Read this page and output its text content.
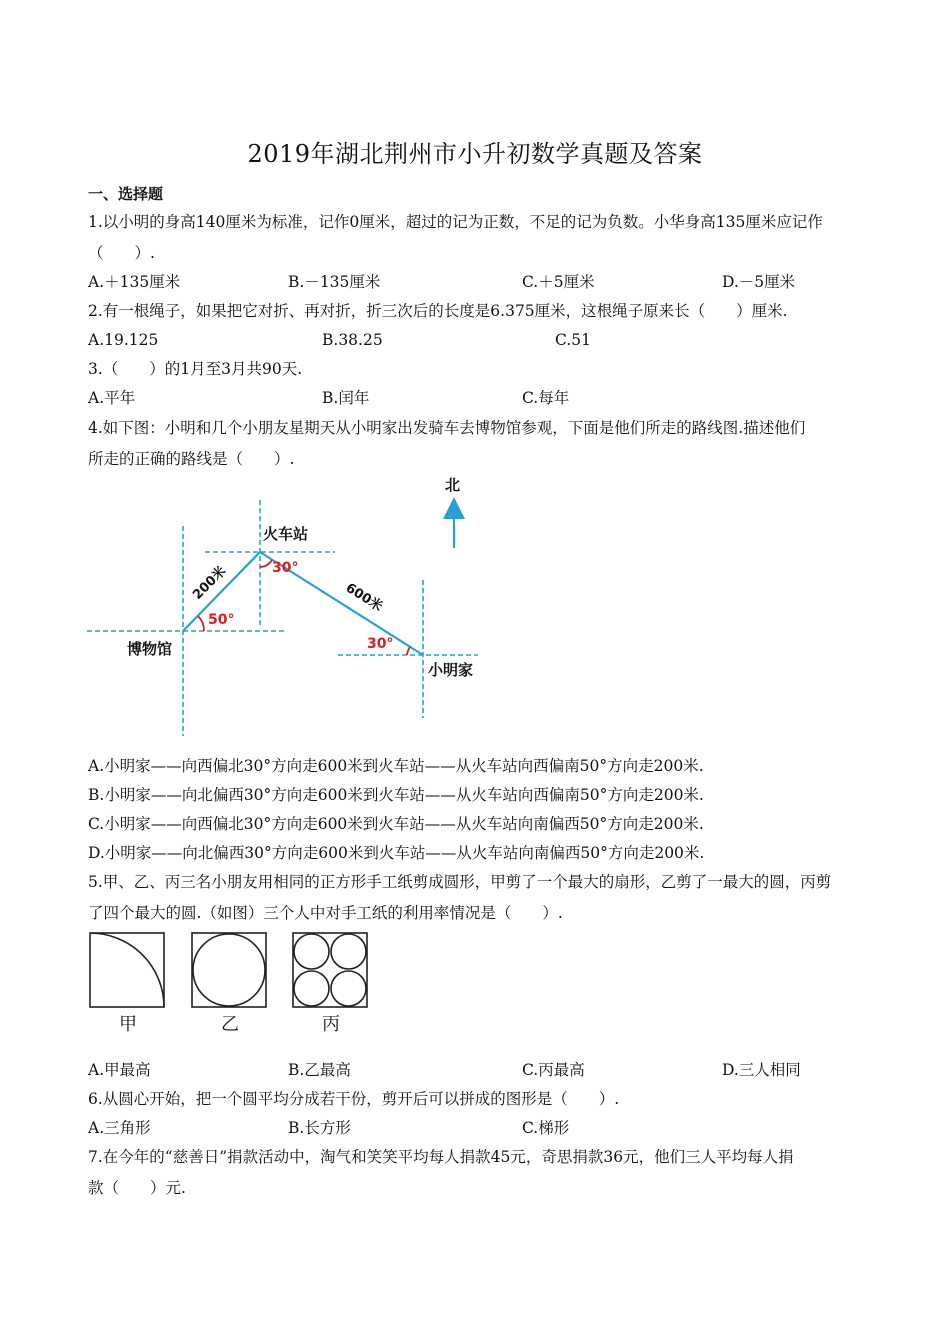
2019年湖北荆州市小升初数学真题及答案
一、选择题
1.以小明的身高140厘米为标准，记作0厘米，超过的记为正数，不足的记为负数。小华身高135厘米应记作
（　　）.
A.＋135厘米	B.－135厘米	C.＋5厘米	D.－5厘米
2.有一根绳子，如果把它对折、再对折，折三次后的长度是6.375厘米，这根绳子原来长（　　）厘米.
A.19.125	B.38.25	C.51
3.（　　）的1月至3月共90天.
A.平年	B.闰年	C.每年
4.如下图：小明和几个小朋友星期天从小明家出发骑车去博物馆参观，下面是他们所走的路线图.描述他们
所走的正确的路线是（　　）.
北
火车站
博物馆
小明家
200米	600米
30°
50°
30°
A.小明家——向西偏北30°方向走600米到火车站——从火车站向西偏南50°方向走200米.
B.小明家——向北偏西30°方向走600米到火车站——从火车站向西偏南50°方向走200米.
C.小明家——向西偏北30°方向走600米到火车站——从火车站向南偏西50°方向走200米.
D.小明家——向北偏西30°方向走600米到火车站——从火车站向南偏西50°方向走200米.
5.甲、乙、丙三名小朋友用相同的正方形手工纸剪成圆形，甲剪了一个最大的扇形，乙剪了一最大的圆，丙剪
了四个最大的圆.（如图）三个人中对手工纸的利用率情况是（　　）.
甲	乙	丙
A.甲最高	B.乙最高	C.丙最高	D.三人相同
6.从圆心开始，把一个圆平均分成若干份，剪开后可以拼成的图形是（　　）.
A.三角形	B.长方形	C.梯形
7.在今年的“慈善日”捐款活动中，淘气和笑笑平均每人捐款45元，奇思捐款36元，他们三人平均每人捐
款（　　）元.
